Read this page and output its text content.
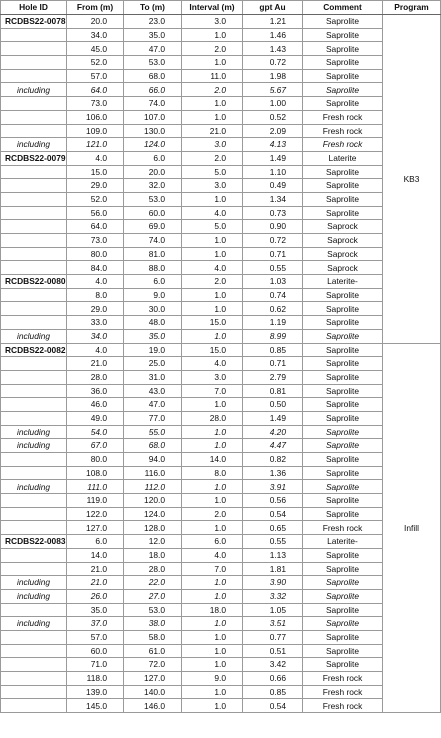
Hole ID	From (m)	To (m)	Interval (m)	gpt Au	Comment	Program
RCDBS22-0078	20.0	23.0	3.0	1.21	Saprolite	KB3
	34.0	35.0	1.0	1.46	Saprolite	
	45.0	47.0	2.0	1.43	Saprolite	
	52.0	53.0	1.0	0.72	Saprolite	
	57.0	68.0	11.0	1.98	Saprolite	
including	64.0	66.0	2.0	5.67	Saprolite	
	73.0	74.0	1.0	1.00	Saprolite	
	106.0	107.0	1.0	0.52	Fresh rock	
	109.0	130.0	21.0	2.09	Fresh rock	
including	121.0	124.0	3.0	4.13	Fresh rock	
RCDBS22-0079	4.0	6.0	2.0	1.49	Laterite	
	15.0	20.0	5.0	1.10	Saprolite	
	29.0	32.0	3.0	0.49	Saprolite	
	52.0	53.0	1.0	1.34	Saprolite	
	56.0	60.0	4.0	0.73	Saprolite	
	64.0	69.0	5.0	0.90	Saprock	
	73.0	74.0	1.0	0.72	Saprock	
	80.0	81.0	1.0	0.71	Saprock	
	84.0	88.0	4.0	0.55	Saprock	
RCDBS22-0080	4.0	6.0	2.0	1.03	Laterite-	
	8.0	9.0	1.0	0.74	Saprolite	
	29.0	30.0	1.0	0.62	Saprolite	
	33.0	48.0	15.0	1.19	Saprolite	
including	34.0	35.0	1.0	8.99	Saprolite	
RCDBS22-0082	4.0	19.0	15.0	0.85	Saprolite	Infill
	21.0	25.0	4.0	0.71	Saprolite	
	28.0	31.0	3.0	2.79	Saprolite	
	36.0	43.0	7.0	0.81	Saprolite	
	46.0	47.0	1.0	0.50	Saprolite	
	49.0	77.0	28.0	1.49	Saprolite	
including	54.0	55.0	1.0	4.20	Saprolite	
including	67.0	68.0	1.0	4.47	Saprolite	
	80.0	94.0	14.0	0.82	Saprolite	
	108.0	116.0	8.0	1.36	Saprolite	
including	111.0	112.0	1.0	3.91	Saprolite	
	119.0	120.0	1.0	0.56	Saprolite	
	122.0	124.0	2.0	0.54	Saprolite	
	127.0	128.0	1.0	0.65	Fresh rock	
RCDBS22-0083	6.0	12.0	6.0	0.55	Laterite-	
	14.0	18.0	4.0	1.13	Saprolite	
	21.0	28.0	7.0	1.81	Saprolite	
including	21.0	22.0	1.0	3.90	Saprolite	
including	26.0	27.0	1.0	3.32	Saprolite	
	35.0	53.0	18.0	1.05	Saprolite	
including	37.0	38.0	1.0	3.51	Saprolite	
	57.0	58.0	1.0	0.77	Saprolite	
	60.0	61.0	1.0	0.51	Saprolite	
	71.0	72.0	1.0	3.42	Saprolite	
	118.0	127.0	9.0	0.66	Fresh rock	
	139.0	140.0	1.0	0.85	Fresh rock	
	145.0	146.0	1.0	0.54	Fresh rock	
